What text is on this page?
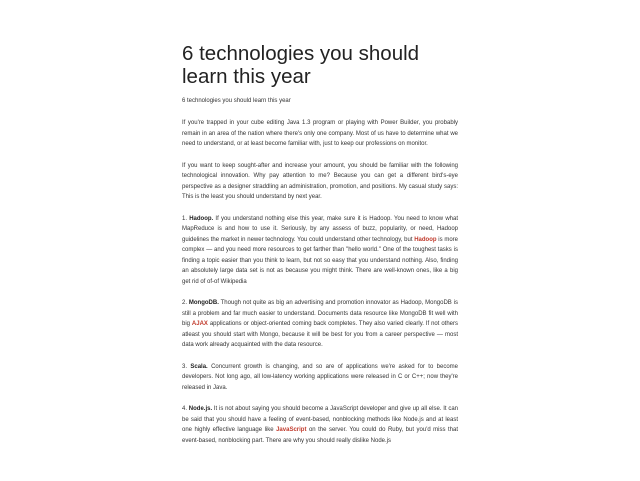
6 technologies you should learn this year
6 technologies you should learn this year

If you're trapped in your cube editing Java 1.3 program or playing with Power Builder, you probably remain in an area of the nation where there's only one company. Most of us have to determine what we need to understand, or at least become familiar with, just to keep our professions on monitor.

If you want to keep sought-after and increase your amount, you should be familiar with the following technological innovation. Why pay attention to me? Because you can get a different bird's-eye perspective as a designer straddling an administration, promotion, and positions. My casual study says: This is the least you should understand by next year.

1. Hadoop. If you understand nothing else this year, make sure it is Hadoop. You need to know what MapReduce is and how to use it. Seriously, by any assess of buzz, popularity, or need, Hadoop guidelines the market in newer technology. You could understand other technology, but Hadoop is more complex — and you need more resources to get farther than "hello world." One of the toughest tasks is finding a topic easier than you think to learn, but not so easy that you understand nothing. Also, finding an absolutely large data set is not as because you might think. There are well-known ones, like a big get rid of of-of Wikipedia

2. MongoDB. Though not quite as big an advertising and promotion innovator as Hadoop, MongoDB is still a problem and far much easier to understand. Documents data resource like MongoDB fit well with big AJAX applications or object-oriented coming back completes. They also varied clearly. If not others atleast you should start with Mongo, because it will be best for you from a career perspective — most data work already acquainted with the data resource.

3. Scala. Concurrent growth is changing, and so are of applications we're asked for to become developers. Not long ago, all low-latency working applications were released in C or C++; now they're released in Java.

4. Node.js. It is not about saying you should become a JavaScript developer and give up all else. It can be said that you should have a feeling of event-based, nonblocking methods like Node.js and at least one highly effective language like JavaScript on the server. You could do Ruby, but you'd miss that event-based, nonblocking part. There are why you should really dislike Node.js
